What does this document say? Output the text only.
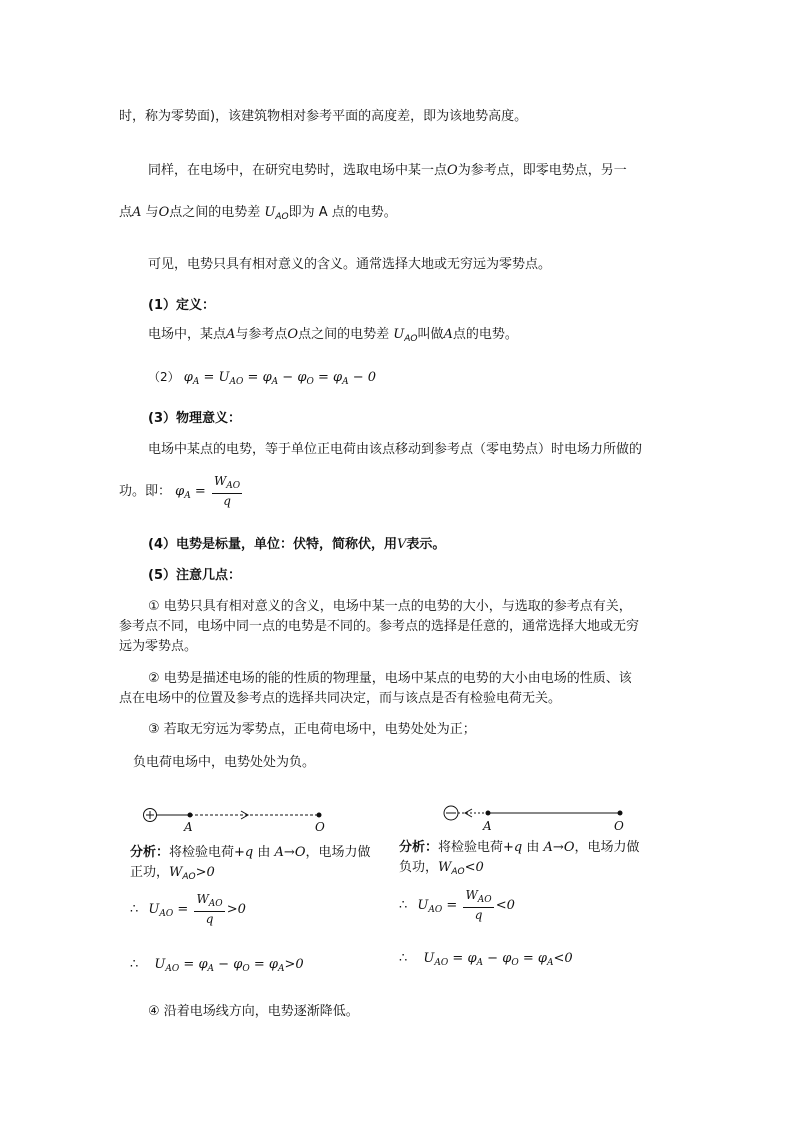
时，称为零势面)，该建筑物相对参考平面的高度差，即为该地势高度。
同样，在电场中，在研究电势时，选取电场中某一点O为参考点，即零电势点，另一
点A 与O点之间的电势差 $U_{AO}$即为 A 点的电势。
可见，电势只具有相对意义的含义。通常选择大地或无穷远为零势点。
(1）定义：
电场中，某点A与参考点O点之间的电势差 $U_{AO}$叫做A点的电势。
（2） $\varphi_A = U_{AO} = \varphi_A - \varphi_O = \varphi_A - 0$
(3）物理意义：
电场中某点的电势，等于单位正电荷由该点移动到参考点（零电势点）时电场力所做的
功。即： $\varphi_A = \frac{W_{AO}}{q}$
(4）电势是标量，单位：伏特，简称伏，用V表示。
(5）注意几点：
① 电势只具有相对意义的含义，电场中某一点的电势的大小，与选取的参考点有关，
参考点不同，电场中同一点的电势是不同的。参考点的选择是任意的，通常选择大地或无穷
远为零势点。
② 电势是描述电场的能的性质的物理量，电场中某点的电势的大小由电场的性质、该
点在电场中的位置及参考点的选择共同决定，而与该点是否有检验电荷无关。
③ 若取无穷远为零势点，正电荷电场中，电势处处为正；
负电荷电场中，电势处处为负。
A	O	A	O
分析：将检验电荷+q 由 A→O，电场力做
正功，$W_{AO}>0$
∴ $U_{AO} = \frac{W_{AO}}{q} >0$
∴ $U_{AO} = \varphi_A - \varphi_O = \varphi_A>0$
分析：将检验电荷+q 由 A→O，电场力做
负功，$W_{AO}<0$
∴ $U_{AO} = \frac{W_{AO}}{q} <0$
∴ $U_{AO} = \varphi_A - \varphi_O = \varphi_A<0$
④ 沿着电场线方向，电势逐渐降低。
